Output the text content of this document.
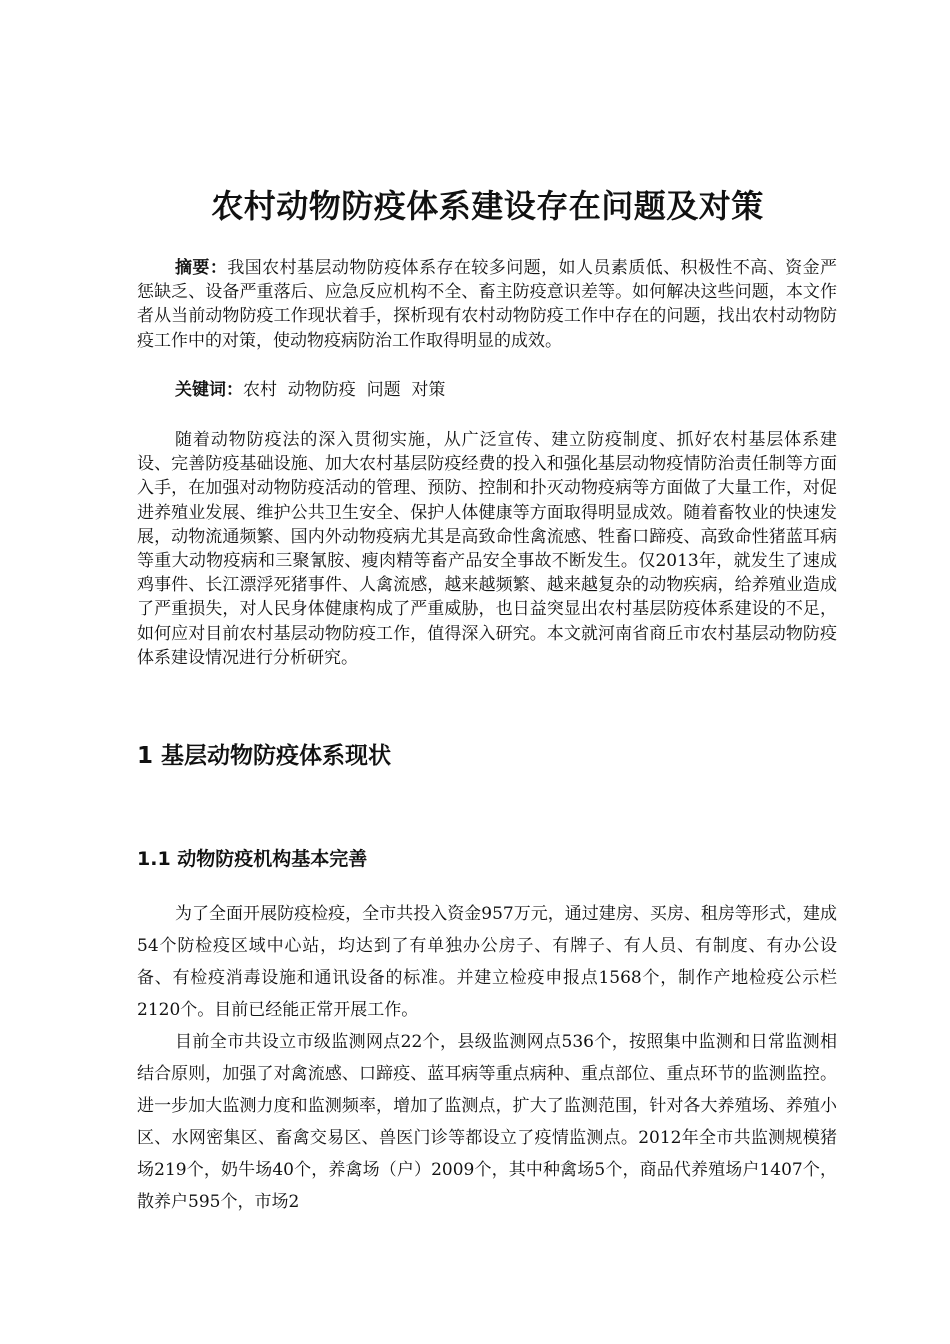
农村动物防疫体系建设存在问题及对策
摘要：我国农村基层动物防疫体系存在较多问题，如人员素质低、积极性不高、资金严惩缺乏、设备严重落后、应急反应机构不全、畜主防疫意识差等。如何解决这些问题，本文作者从当前动物防疫工作现状着手，探析现有农村动物防疫工作中存在的问题，找出农村动物防疫工作中的对策，使动物疫病防治工作取得明显的成效。
关键词：农村  动物防疫  问题  对策
随着动物防疫法的深入贯彻实施，从广泛宣传、建立防疫制度、抓好农村基层体系建设、完善防疫基础设施、加大农村基层防疫经费的投入和强化基层动物疫情防治责任制等方面入手，在加强对动物防疫活动的管理、预防、控制和扑灭动物疫病等方面做了大量工作，对促进养殖业发展、维护公共卫生安全、保护人体健康等方面取得明显成效。随着畜牧业的快速发展，动物流通频繁、国内外动物疫病尤其是高致命性禽流感、牲畜口蹄疫、高致命性猪蓝耳病等重大动物疫病和三聚氰胺、瘦肉精等畜产品安全事故不断发生。仅2013年，就发生了速成鸡事件、长江漂浮死猪事件、人禽流感，越来越频繁、越来越复杂的动物疾病，给养殖业造成了严重损失，对人民身体健康构成了严重威胁，也日益突显出农村基层防疫体系建设的不足，如何应对目前农村基层动物防疫工作，值得深入研究。本文就河南省商丘市农村基层动物防疫体系建设情况进行分析研究。
1 基层动物防疫体系现状
1.1 动物防疫机构基本完善

为了全面开展防疫检疫，全市共投入资金957万元，通过建房、买房、租房等形式，建成54个防检疫区域中心站，均达到了有单独办公房子、有牌子、有人员、有制度、有办公设备、有检疫消毒设施和通讯设备的标准。并建立检疫申报点1568个，制作产地检疫公示栏2120个。目前已经能正常开展工作。

目前全市共设立市级监测网点22个，县级监测网点536个，按照集中监测和日常监测相结合原则，加强了对禽流感、口蹄疫、蓝耳病等重点病种、重点部位、重点环节的监测监控。进一步加大监测力度和监测频率，增加了监测点，扩大了监测范围，针对各大养殖场、养殖小区、水网密集区、畜禽交易区、兽医门诊等都设立了疫情监测点。2012年全市共监测规模猪场219个，奶牛场40个，养禽场（户）2009个，其中种禽场5个，商品代养殖场户1407个，散养户595个，市场2
